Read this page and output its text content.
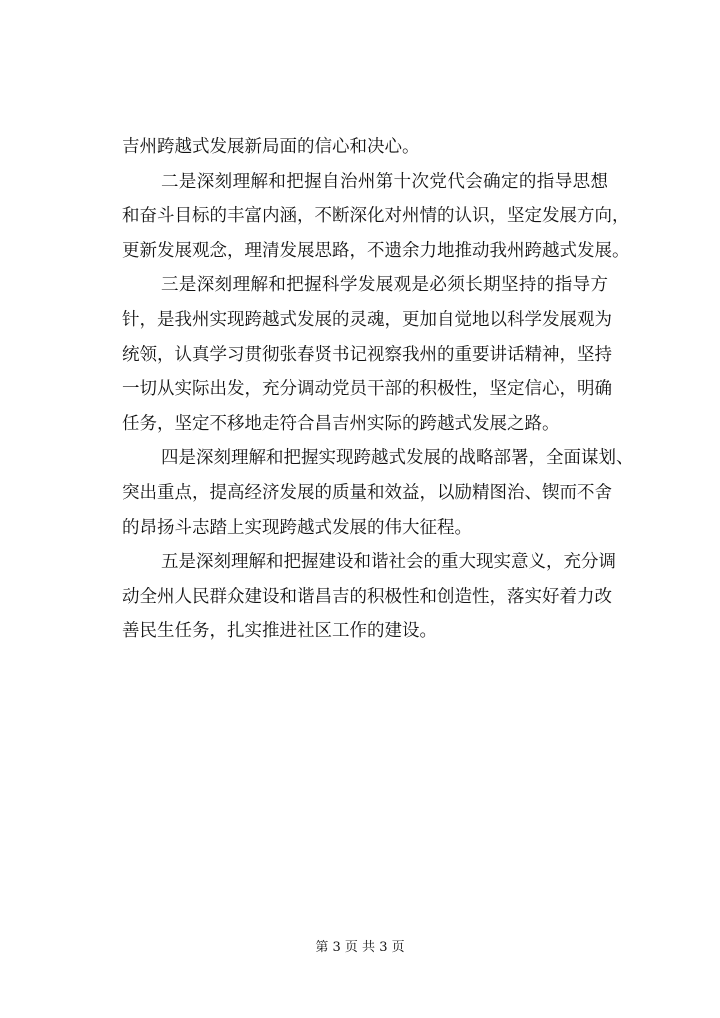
吉州跨越式发展新局面的信心和决心。
二是深刻理解和把握自治州第十次党代会确定的指导思想
和奋斗目标的丰富内涵，不断深化对州情的认识，坚定发展方向，
更新发展观念，理清发展思路，不遗余力地推动我州跨越式发展。
三是深刻理解和把握科学发展观是必须长期坚持的指导方
针，是我州实现跨越式发展的灵魂，更加自觉地以科学发展观为
统领，认真学习贯彻张春贤书记视察我州的重要讲话精神，坚持
一切从实际出发，充分调动党员干部的积极性，坚定信心，明确
任务，坚定不移地走符合昌吉州实际的跨越式发展之路。
四是深刻理解和把握实现跨越式发展的战略部署，全面谋划、
突出重点，提高经济发展的质量和效益，以励精图治、锲而不舍
的昂扬斗志踏上实现跨越式发展的伟大征程。
五是深刻理解和把握建设和谐社会的重大现实意义，充分调
动全州人民群众建设和谐昌吉的积极性和创造性，落实好着力改
善民生任务，扎实推进社区工作的建设。
第 3 页 共 3 页
